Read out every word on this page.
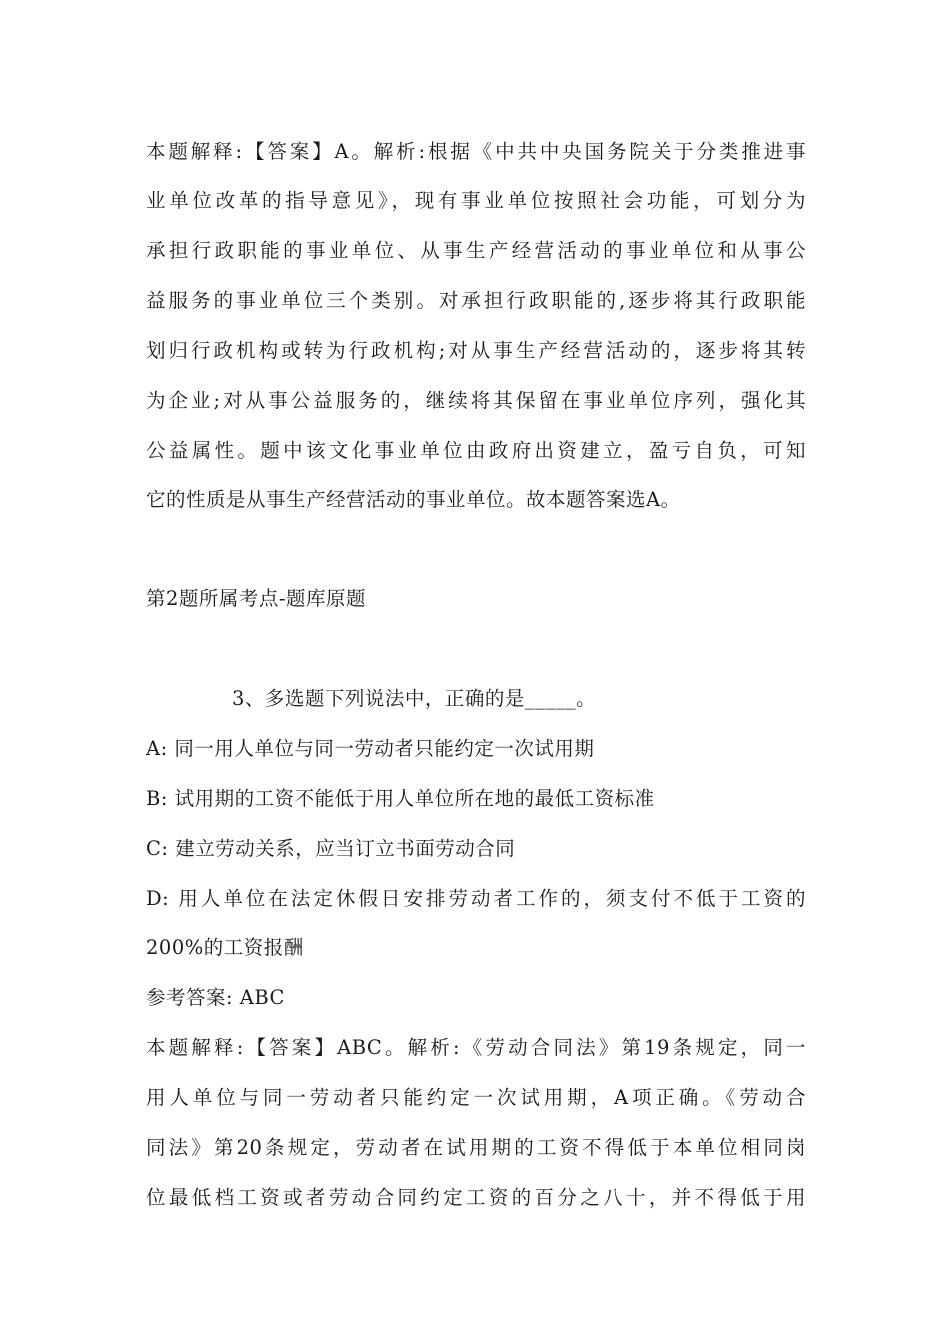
本题解释:【答案】A。解析:根据《中共中央国务院关于分类推进事
业单位改革的指导意见》，现有事业单位按照社会功能，可划分为
承担行政职能的事业单位、从事生产经营活动的事业单位和从事公
益服务的事业单位三个类别。对承担行政职能的,逐步将其行政职能
划归行政机构或转为行政机构;对从事生产经营活动的，逐步将其转
为企业;对从事公益服务的，继续将其保留在事业单位序列，强化其
公益属性。题中该文化事业单位由政府出资建立，盈亏自负，可知
它的性质是从事生产经营活动的事业单位。故本题答案选A。
第2题所属考点-题库原题
3、多选题下列说法中，正确的是_____。
A: 同一用人单位与同一劳动者只能约定一次试用期
B: 试用期的工资不能低于用人单位所在地的最低工资标准
C: 建立劳动关系，应当订立书面劳动合同
D: 用人单位在法定休假日安排劳动者工作的，须支付不低于工资的
200%的工资报酬
参考答案: ABC
本题解释:【答案】ABC。解析:《劳动合同法》第19条规定，同一
用人单位与同一劳动者只能约定一次试用期，A项正确。《劳动合
同法》第20条规定，劳动者在试用期的工资不得低于本单位相同岗
位最低档工资或者劳动合同约定工资的百分之八十，并不得低于用
